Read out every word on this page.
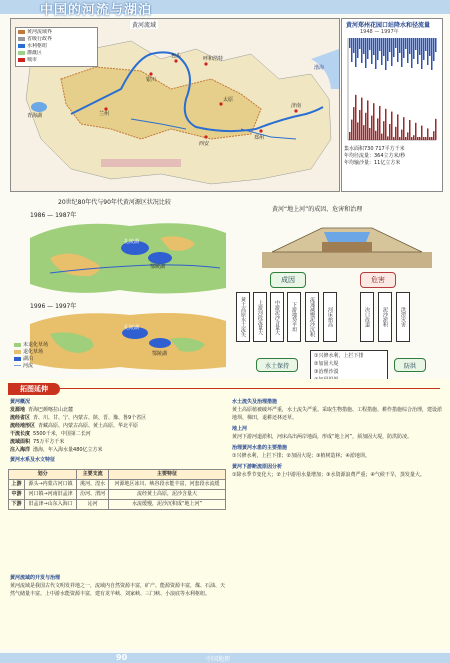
中国的河流与湖泊
兰州
银川
包头	呼和浩特
太原
西安
郑州
济南
青海湖
渤海
黄河流域
黄河流域界
省级行政界
水利枢纽
灌溉区
城市
黄河郑州花园口站降水和径流量
1948 — 1997年
集水面积730 717平方千米
年均径流量：364立方米/秒
年均输沙量：11亿立方米
20世纪80年代与90年代黄河源区状况比较
1986 — 1987年
扎陵湖
鄂陵湖
1996 — 1997年
扎陵湖
鄂陵湖
未退化草场
退化草场
湖泊
河流
黄河“地上河”的成因、危害和治理
成因	危害
黄土高原水土流失	上游河段流量大	中游泥沙含量大	下游地势平坦	流速减慢泥沙沉积	河床抬高	决口改道	泥沙淤积	洪涝灾害
水土保持	防洪
①兴修水利，上拦下排
②加固大堤
③治理沙漠
拓图延伸
黄河概况
发源地 青海巴颜喀拉山北麓
流经省区 青、川、甘、宁、内蒙古、陕、晋、豫、鲁9个省区
流经地形区 青藏高原、内蒙古高原、黄土高原、华北平原
干流长度 5500千米，中国第二长河
流域面积 75万平方千米
注入海洋 渤海，年入海水量480亿立方米
黄河水系及水文特征
划分		主要支流	主要特征
上游	源头→内蒙古河口镇	洮河、湟水	河源地区冰川、峡谷段水能丰富，河套段水流缓
中游	河口镇→河南旧孟津	汾河、渭河	流经黄土高原，泥沙含量大
下游	旧孟津→山东入海口	沁河	水流缓慢，泥沙沉积成“地上河”
黄河流域的开发与治理
黄河流域是我国古代文明发祥地之一，流域内自然资源丰富，矿产、能源资源丰富，煤、石油、天然气储量丰富。上中游水能资源丰富，建有龙羊峡、刘家峡、三门峡、小浪底等水利枢纽。
水土流失及治理措施
黄土高原植被破坏严重，水土流失严重。采取生物措施、工程措施、耕作措施综合治理，建设淤地坝、梯田，退耕还林还草。
地上河
黄河下游河道淤积，河床高出两岸地面，形成“地上河”，须加固大堤，防洪防凌。
治理黄河水患的主要措施
①兴修水利，上拦下排；②加固大堤；③植树造林；④淤地坝。
黄河下游断流原因分析
①降水季节变化大；②上中游用水量增加；③水资源浪费严重；④气候干旱，蒸发量大。
90	中国地理
